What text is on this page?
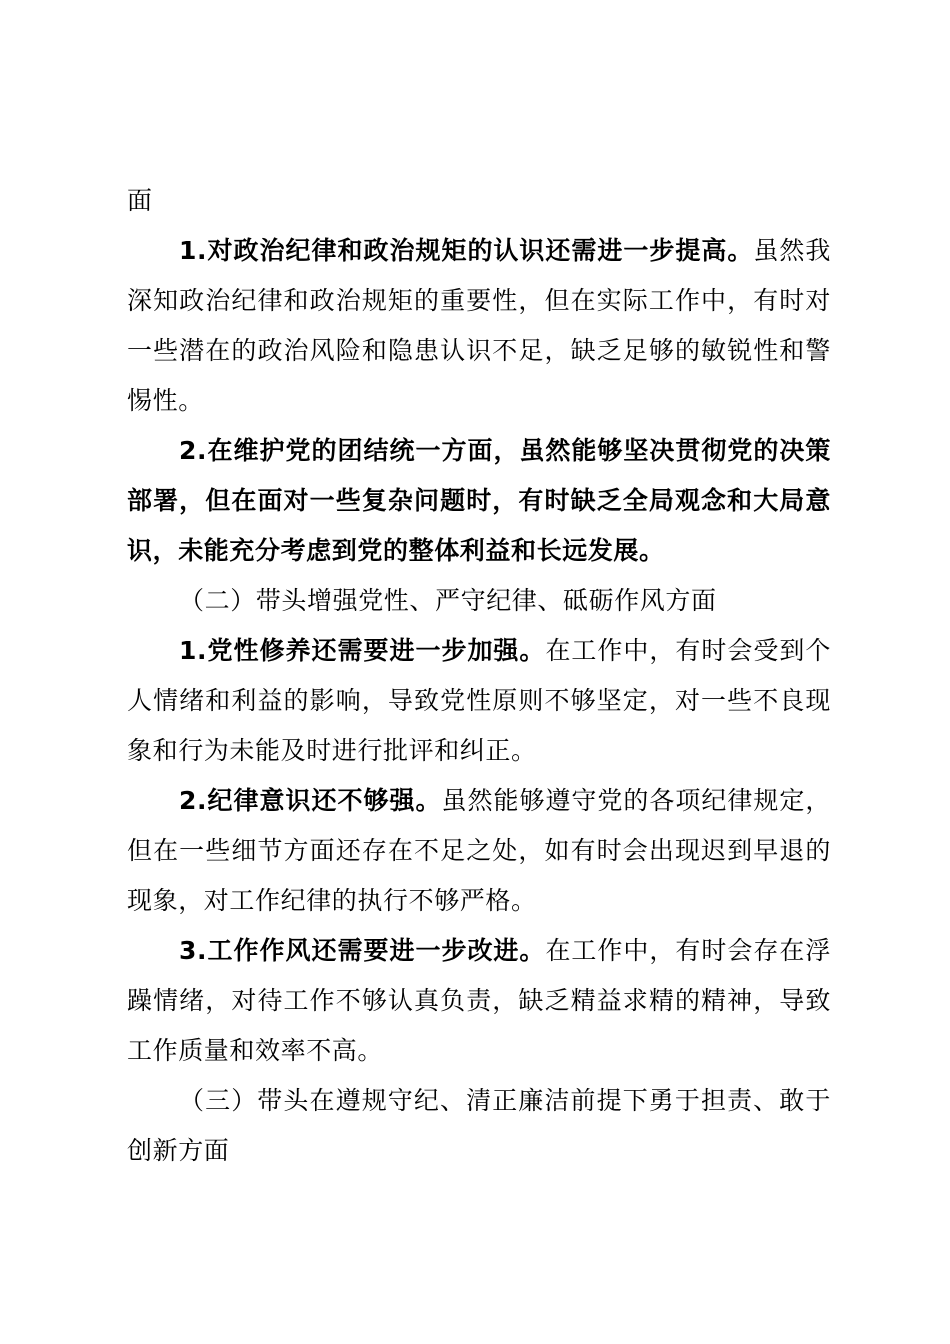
面

1.对政治纪律和政治规矩的认识还需进一步提高。虽然我深知政治纪律和政治规矩的重要性，但在实际工作中，有时对一些潜在的政治风险和隐患认识不足，缺乏足够的敏锐性和警惕性。

2.在维护党的团结统一方面，虽然能够坚决贯彻党的决策部署，但在面对一些复杂问题时，有时缺乏全局观念和大局意识，未能充分考虑到党的整体利益和长远发展。

（二）带头增强党性、严守纪律、砥砺作风方面

1.党性修养还需要进一步加强。在工作中，有时会受到个人情绪和利益的影响，导致党性原则不够坚定，对一些不良现象和行为未能及时进行批评和纠正。

2.纪律意识还不够强。虽然能够遵守党的各项纪律规定，但在一些细节方面还存在不足之处，如有时会出现迟到早退的现象，对工作纪律的执行不够严格。

3.工作作风还需要进一步改进。在工作中，有时会存在浮躁情绪，对待工作不够认真负责，缺乏精益求精的精神，导致工作质量和效率不高。

（三）带头在遵规守纪、清正廉洁前提下勇于担责、敢于创新方面
